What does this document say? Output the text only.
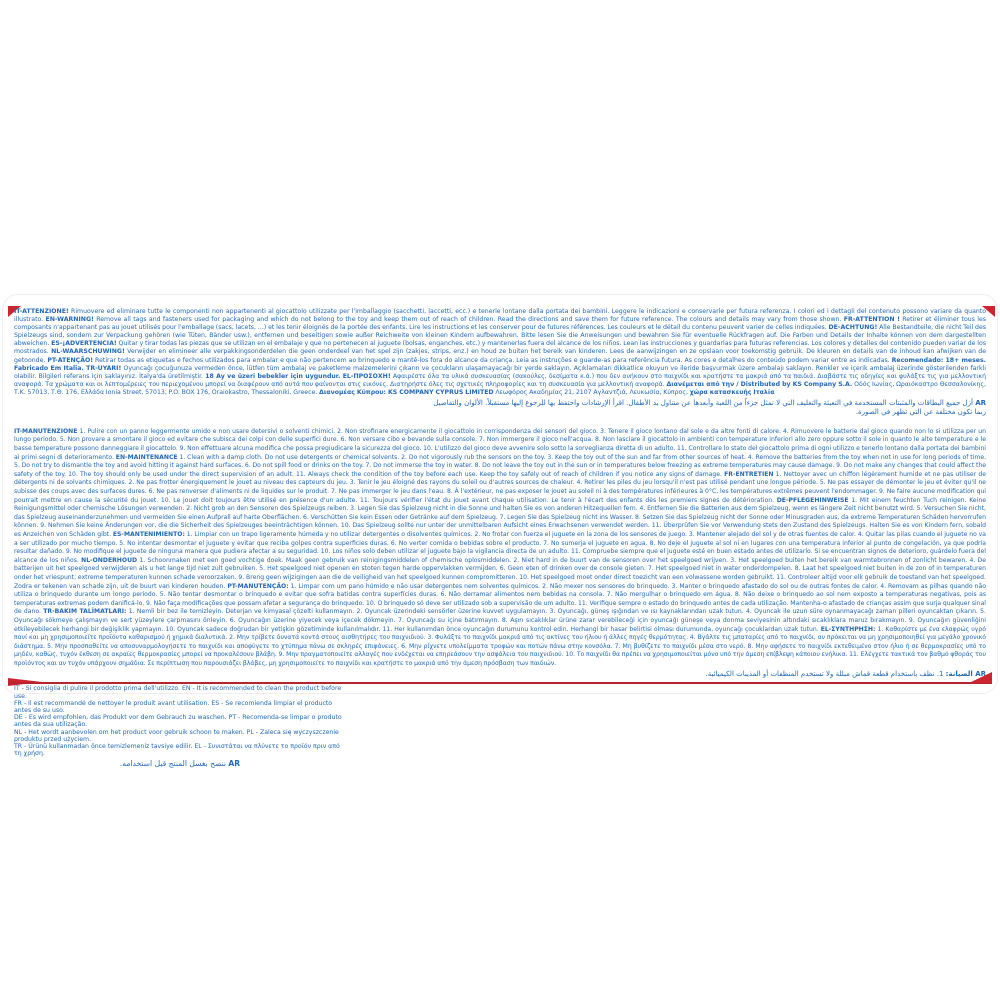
IT-ATTENZIONE! Rimuovere ed eliminare tutte le componenti non appartenenti al giocattolo utilizzate per l'imballaggio (sacchetti, laccetti, ecc.) e tenerle lontane dalla portata dei bambini. Leggere le indicazioni e conservarle per futura referenza. I colori ed i dettagli del contenuto possono variare da quanto illustrato. EN-WARNING! Remove all tags and fasteners used for packaging and which do not belong to the toy and keep them out of reach of children. Read the directions and save them for future reference. The colours and details may vary from those shown. FR-ATTENTION ! Retirer et éliminer tous les composants n'appartenant pas au jouet utilisés pour l'emballage (sacs, lacets, …) et les tenir éloignés de la portée des enfants. Lire les instructions et les conserver pour de futures références. Les couleurs et le détail du contenu peuvent varier de celles indiquées. DE-ACHTUNG! Alle Bestandteile, die nicht Teil des Spielzeugs sind, sondern zur Verpackung gehören (wie Tüten, Bänder usw.), entfernen und beseitigen sowie außer Reichweite von kleinen Kindern aufbewahren. Bitte lesen Sie die Anweisungen und bewahren Sie für eventuelle Rückfragen auf. Die Farben und Details der Inhalte können von dem dargestellten abweichen. ES-¡ADVERTENCIA! Quitar y tirar todas las piezas que se utilizan en el embalaje y que no pertenecen al juguete (bolsas, enganches, etc.) y mantenerlas fuera del alcance de los niños. Lean las instrucciones y guardarlas para futuras referencias. Los colores y detalles del contenido pueden variar de los mostrados. NL-WAARSCHUWING! Verwijder en elimineer alle verpakkingsonderdelen die geen onderdeel van het spel zijn (zakjes, strips, enz.) en houd ze buiten het bereik van kinderen. Lees de aanwijzingen en ze opslaan voor toekomstig gebruik. De kleuren en details van de inhoud kan afwijken van de getoonde. PT-ATENÇÃO! Retirar todas as etiquetas e fechos utilizados para embalar e que não pertencem ao brinquedo e mantê-los fora do alcance da criança. Leia as instruções e guarde-as para referência futura. As cores e detalhes do conteúdo podem variar entre as indicadas. Recomendado: 18+ meses. Fabricado Em Italia. TR-UYARI! Oyuncağı çocuğunuza vermeden önce, lütfen tüm ambalaj ve paketleme malzemelerini çıkarın ve çocukların ulaşamayacağı bir yerde saklayın. Açıklamaları dikkatlice okuyun ve ileride başvurmak üzere ambalajı saklayın. Renkler ve içerik ambalaj üzerinde gösterilenden farklı olabilir. Bilgileri referans için saklayınız. İtalya'da üretilmiştir. 18 Ay ve üzeri bebekler için uygundur. EL-ΠΡΟΣΟΧΗ! Αφαιρέστε όλα τα υλικά συσκευασίας (σακούλες, δεσίματα κ.ά.) που δεν ανήκουν στο παιχνίδι και κρατήστε τα μακριά από τα παιδιά. Διαβάστε τις οδηγίες και φυλάξτε τις για μελλοντική αναφορά. Τα χρώματα και οι λεπτομέρειες του περιεχομένου μπορεί να διαφέρουν από αυτά που φαίνονται στις εικόνες. Διατηρήστε όλες τις σχετικές πληροφορίες και τη συσκευασία για μελλοντική αναφορά. Διανέμεται από την / Distributed by KS Company S.A. Οδός Ιωνίας, Ωραιόκαστρο Θεσσαλονίκης, Τ.Κ. 57013, Τ.Θ. 176, Ελλάδα Ionia Street, 57013, P.O. BOX 176, Oraiokastro, Thessaloniki, Greece. Διανομέας Κύπρου: KS COMPANY CYPRUS LIMITED Λεωφόρος Ακαδημίας 21, 2107 Αγλαντζιά, Λευκωσία, Κύπρος, χώρα κατασκευής Ιταλία

AR أزل جميع البطاقات والمثبتات المستخدمة في التعبئة والتغليف التي لا تمثل جزءاً من اللعبة وأبعدها عن متناول يد الأطفال. اقرأ الإرشادات واحتفظ بها للرجوع إليها مستقبلاً. الألوان والتفاصيل ربما تكون مختلفة عن التي تظهر في الصورة.

IT-MANUTENZIONE 1. Pulire con un panno leggermente umido e non usare detersivi o solventi chimici. 2. Non strofinare energicamente il giocattolo in corrispondenza dei sensori del gioco. 3. Tenere il gioco lontano dal sole e da altre fonti di calore. 4. Rimuovere le batterie dal gioco quando non lo si utilizza per un lungo periodo. 5. Non provare a smontare il gioco ed evitare che subisca dei colpi con delle superfici dure. 6. Non versare cibo e bevande sulla console. 7. Non immergere il gioco nell'acqua. 8. Non lasciare il giocattolo in ambienti con temperature inferiori allo zero oppure sotto il sole in quanto le alte temperature e le basse temperature possono danneggiare il giocattolo. 9. Non effettuare alcuna modifica che possa pregiudicare la sicurezza del gioco. 10. L'utilizzo del gioco deve avvenire solo sotto la sorveglianza diretta di un adulto. 11. Controllare lo stato del giocattolo prima di ogni utilizzo e tenerlo lontano dalla portata dei bambini ai primi segni di deterioramento. EN-MAINTENANCE 1. Clean with a damp cloth. Do not use detergents or chemical solvents. 2. Do not vigorously rub the sensors on the toy. 3. Keep the toy out of the sun and far from other sources of heat. 4. Remove the batteries from the toy when not in use for long periods of time. 5. Do not try to dismantle the toy and avoid hitting it against hard surfaces. 6. Do not spill food or drinks on the toy. 7. Do not immerse the toy in water. 8. Do not leave the toy out in the sun or in temperatures below freezing as extreme temperatures may cause damage. 9. Do not make any changes that could affect the safety of the toy. 10. The toy should only be used under the direct supervision of an adult. 11. Always check the condition of the toy before each use. Keep the toy safely out of reach of children if you notice any signs of damage. FR-ENTRETIEN 1. Nettoyer avec un chiffon légèrement humide et ne pas utiliser de détergents ni de solvants chimiques. 2. Ne pas frotter énergiquement le jouet au niveau des capteurs du jeu. 3. Tenir le jeu éloigné des rayons du soleil ou d'autres sources de chaleur. 4. Retirer les piles du jeu lorsqu'il n'est pas utilisé pendant une longue période. 5. Ne pas essayer de démonter le jeu et éviter qu'il ne subisse des coups avec des surfaces dures. 6. Ne pas renverser d'aliments ni de liquides sur le produit. 7. Ne pas immerger le jeu dans l'eau. 8. À l'extérieur, ne pas exposer le jouet au soleil ni à des températures inférieures à 0°C, les températures extrêmes peuvent l'endommager. 9. Ne faire aucune modification qui pourrait mettre en cause la sécurité du jouet. 10. Le jouet doit toujours être utilisé en présence d'un adulte. 11. Toujours vérifier l'état du jouet avant chaque utilisation. Le tenir à l'écart des enfants dès les premiers signes de détérioration. DE-PFLEGEHINWEISE 1. Mit einem feuchten Tuch reinigen. Keine Reinigungsmittel oder chemische Lösungen verwenden. 2. Nicht grob an den Sensoren des Spielzeugs reiben. 3. Legen Sie das Spielzeug nicht in die Sonne und halten Sie es von anderen Hitzequellen fern. 4. Entfernen Sie die Batterien aus dem Spielzeug, wenn es längere Zeit nicht benutzt wird. 5. Versuchen Sie nicht, das Spielzeug auseinanderzunehmen und vermeiden Sie einen Aufprall auf harte Oberflächen. 6. Verschütten Sie kein Essen oder Getränke auf dem Spielzeug. 7. Legen Sie das Spielzeug nicht ins Wasser. 8. Setzen Sie das Spielzeug nicht der Sonne oder Minusgraden aus, da extreme Temperaturen Schäden hervorrufen können. 9. Nehmen Sie keine Änderungen vor, die die Sicherheit des Spielzeuges beeinträchtigen können. 10. Das Spielzeug sollte nur unter der unmittelbaren Aufsicht eines Erwachsenen verwendet werden. 11. Überprüfen Sie vor Verwendung stets den Zustand des Spielzeugs. Halten Sie es von Kindern fern, sobald es Anzeichen von Schäden gibt. ES-MANTENIMIENTO: 1. Limpiar con un trapo ligeramente húmeda y no utilizar detergentes o disolventes químicos. 2. No frotar con fuerza el juguete en la zona de los sensores de juego. 3. Mantener alejado del sol y de otras fuentes de calor. 4. Quitar las pilas cuando el juguete no va a ser utilizado por mucho tiempo. 5. No intentar desmontar el juguete y evitar que reciba golpes contra superficies duras. 6. No verter comida o bebidas sobre el producto. 7. No sumerja el juguete en agua. 8. No deje el juguete al sol ni en lugares con una temperatura inferior al punto de congelación, ya que podría resultar dañado. 9. No modifique el juguete de ninguna manera que pudiera afectar a su seguridad. 10. Los niños solo deben utilizar el juguete bajo la vigilancia directa de un adulto. 11. Compruebe siempre que el juguete esté en buen estado antes de utilizarlo. Si se encuentran signos de deterioro, guárdelo fuera del alcance de los niños. NL-ONDERHOUD 1. Schoonmaken met een goed vochtige doek. Maak geen gebruik van reinigingsmiddelen of chemische oplosmiddelen. 2. Niet hard in de buurt van de sensoren over het speelgoed wrijven. 3. Het speelgoed buiten het bereik van warmtebronnen of zonlicht bewaren. 4. De batterijen uit het speelgoed verwijderen als u het lange tijd niet zult gebruiken. 5. Het speelgoed niet openen en stoten tegen harde oppervlakken vermijden. 6. Geen eten of drinken over de console gieten. 7. Het speelgoed niet in water onderdompelen. 8. Laat het speelgoed niet buiten in de zon of in temperaturen onder het vriespunt; extreme temperaturen kunnen schade veroorzaken. 9. Breng geen wijzigingen aan die de veiligheid van het speelgoed kunnen compromitteren. 10. Het speelgoed moet onder direct toezicht van een volwassene worden gebruikt. 11. Controleer altijd voor elk gebruik de toestand van het speelgoed. Zodra er tekenen van schade zijn, uit de buurt van kinderen houden. PT-MANUTENÇÃO: 1. Limpar com um pano húmido e não usar detergentes nem solventes químicos. 2. Não mexer nos sensores do brinquedo. 3. Manter o brinquedo afastado do sol ou de outras fontes de calor. 4. Removam as pilhas quando não utiliza o brinquedo durante um longo período. 5. Não tentar desmontar o brinquedo e evitar que sofra batidas contra superfícies duras. 6. Não derramar alimentos nem bebidas na consola. 7. Não mergulhar o brinquedo em água. 8. Não deixe o brinquedo ao sol nem exposto a temperaturas negativas, pois as temperaturas extremas podem danificá-lo. 9. Não faça modificações que possam afetar a segurança do brinquedo. 10. O brinquedo só deve ser utilizado sob a supervisão de um adulto. 11. Verifique sempre o estado do brinquedo antes de cada utilização. Mantenha-o afastado de crianças assim que surja qualquer sinal de dano. TR-BAKIM TALİMATLARI: 1. Nemli bir bez ile temizleyin. Deterjan ve kimyasal çözelti kullanmayın. 2. Oyuncak üzerindeki sensörler üzerine kuvvet uygulamayın. 3. Oyuncağı, güneş ışığından ve ısı kaynaklarından uzak tutun. 4. Oyuncak ile uzun süre oynanmayacağı zaman pilleri oyuncaktan çıkarın. 5. Oyuncağı sökmeye çalışmayın ve sert yüzeylere çarpmasını önleyin. 6. Oyuncağın üzerine yiyecek veya içecek dökmeyin. 7. Oyuncağı su içine batırmayın. 8. Aşırı sıcaklıklar ürüne zarar verebileceği için oyuncağı güneşe veya donma seviyesinin altındaki sıcaklıklara maruz bırakmayın. 9. Oyuncağın güvenliğini etkileyebilecek herhangi bir değişiklik yapmayın. 10. Oyuncak sadece doğrudan bir yetişkin gözetiminde kullanılmalıdır. 11. Her kullanımdan önce oyuncağın durumunu kontrol edin. Herhangi bir hasar belirtisi olması durumunda, oyuncağı çocuklardan uzak tutun. EL-ΣΥΝΤΗΡΗΣΗ: 1. Καθαρίστε με ένα ελαφρώς υγρό πανί και μη χρησιμοποιείτε προϊόντα καθαρισμού ή χημικά διαλυτικά. 2. Μην τρίβετε δυνατά κοντά στους αισθητήρες του παιχνιδιού. 3. Φυλάξτε το παιχνίδι μακριά από τις ακτίνες του ήλιου ή άλλες πηγές θερμότητας. 4. Βγάλτε τις μπαταρίες από το παιχνίδι, αν πρόκειται να μη χρησιμοποιηθεί για μεγάλο χρονικό διάστημα. 5. Μην προσπαθείτε να αποσυναρμολογήσετε το παιχνίδι και αποφύγετε το χτύπημα πάνω σε σκληρές επιφάνειες. 6. Μην ρίχνετε υπολείμματα τροφών και ποτών πάνω στην κονσόλα. 7. Μη βυθίζετε το παιχνίδι μέσα στο νερό. 8. Μην αφήσετε το παιχνίδι εκτεθειμένο στον ήλιο ή σε θερμοκρασίες υπό το μηδέν, καθώς, τυχόν έκθεση σε ακραίες θερμοκρασίες μπορεί να προκαλέσουν βλάβη. 9. Μην πραγματοποιείτε αλλαγές που ενδέχεται να επηρεάσουν την ασφάλεια του παιχνιδιού. 10. Το παιχνίδι θα πρέπει να χρησιμοποιείται μόνο υπό την άμεση επίβλεψη κάποιου ενήλικα. 11. Ελέγχετε τακτικά τον βαθμό φθοράς του προϊόντος και αν τυχόν υπάρχουν σημάδια. Σε περίπτωση που παρουσιάζει βλάβες, μη χρησιμοποιείτε το παιχνίδι και κρατήστε το μακριά από την άμεση πρόσβαση των παιδιών.

AR الصيانة: 1. نظف باستخدام قطعة قماش مبللة ولا تستخدم المنظفات أو المذيبات الكيميائية.

IT - Si consiglia di pulire il prodotto prima dell'utilizzo. EN - It is recommended to clean the product before use.

FR - Il est recommandé de nettoyer le produit avant utilisation. ES - Se recomienda limpiar el producto antes de su uso.

DE - Es wird empfohlen, das Produkt vor dem Gebrauch zu waschen. PT - Recomenda-se limpar o produto antes da sua utilização.

NL - Het wordt aanbevolen om het product voor gebruik schoon te maken. PL - Zaleca się wyczyszczenie produktu przed użyciem.

TR - Ürünü kullanmadan önce temizlemeniz tavsiye edilir. EL - Συνιστάται να πλύνετε το προϊόν πριν από τη χρήση.

AR ننصح بغسل المنتج قبل استخدامه.
